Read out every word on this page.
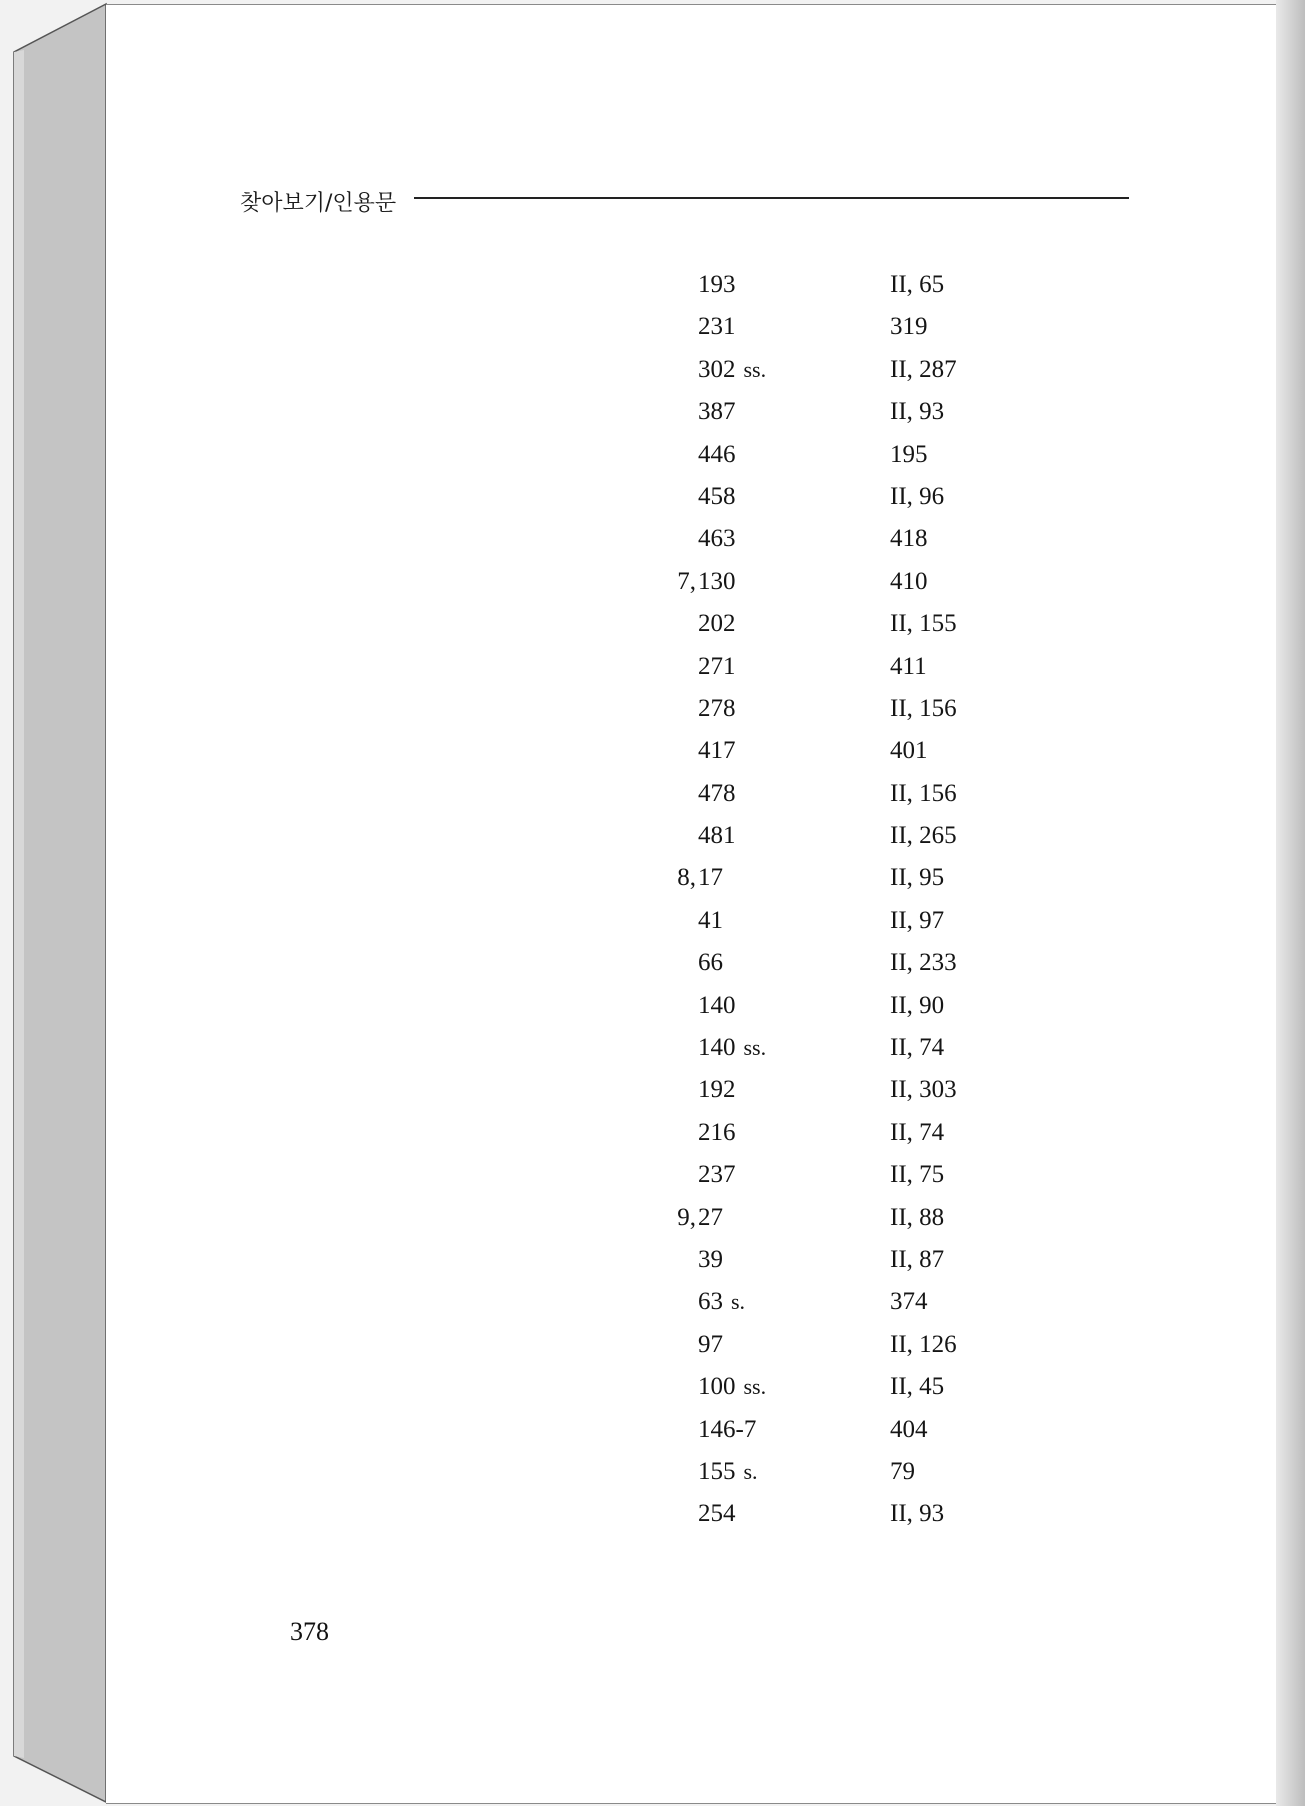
찾아보기/인용문
193
231
302 ss.
387
446
458
463
7,130
202
271
278
417
478
481
8,17
41
66
140
140 ss.
192
216
237
9,27
39
63 s.
97
100 ss.
146-7
155 s.
254
II, 65
319
II, 287
II, 93
195
II, 96
418
410
II, 155
411
II, 156
401
II, 156
II, 265
II, 95
II, 97
II, 233
II, 90
II, 74
II, 303
II, 74
II, 75
II, 88
II, 87
374
II, 126
II, 45
404
79
II, 93
378
